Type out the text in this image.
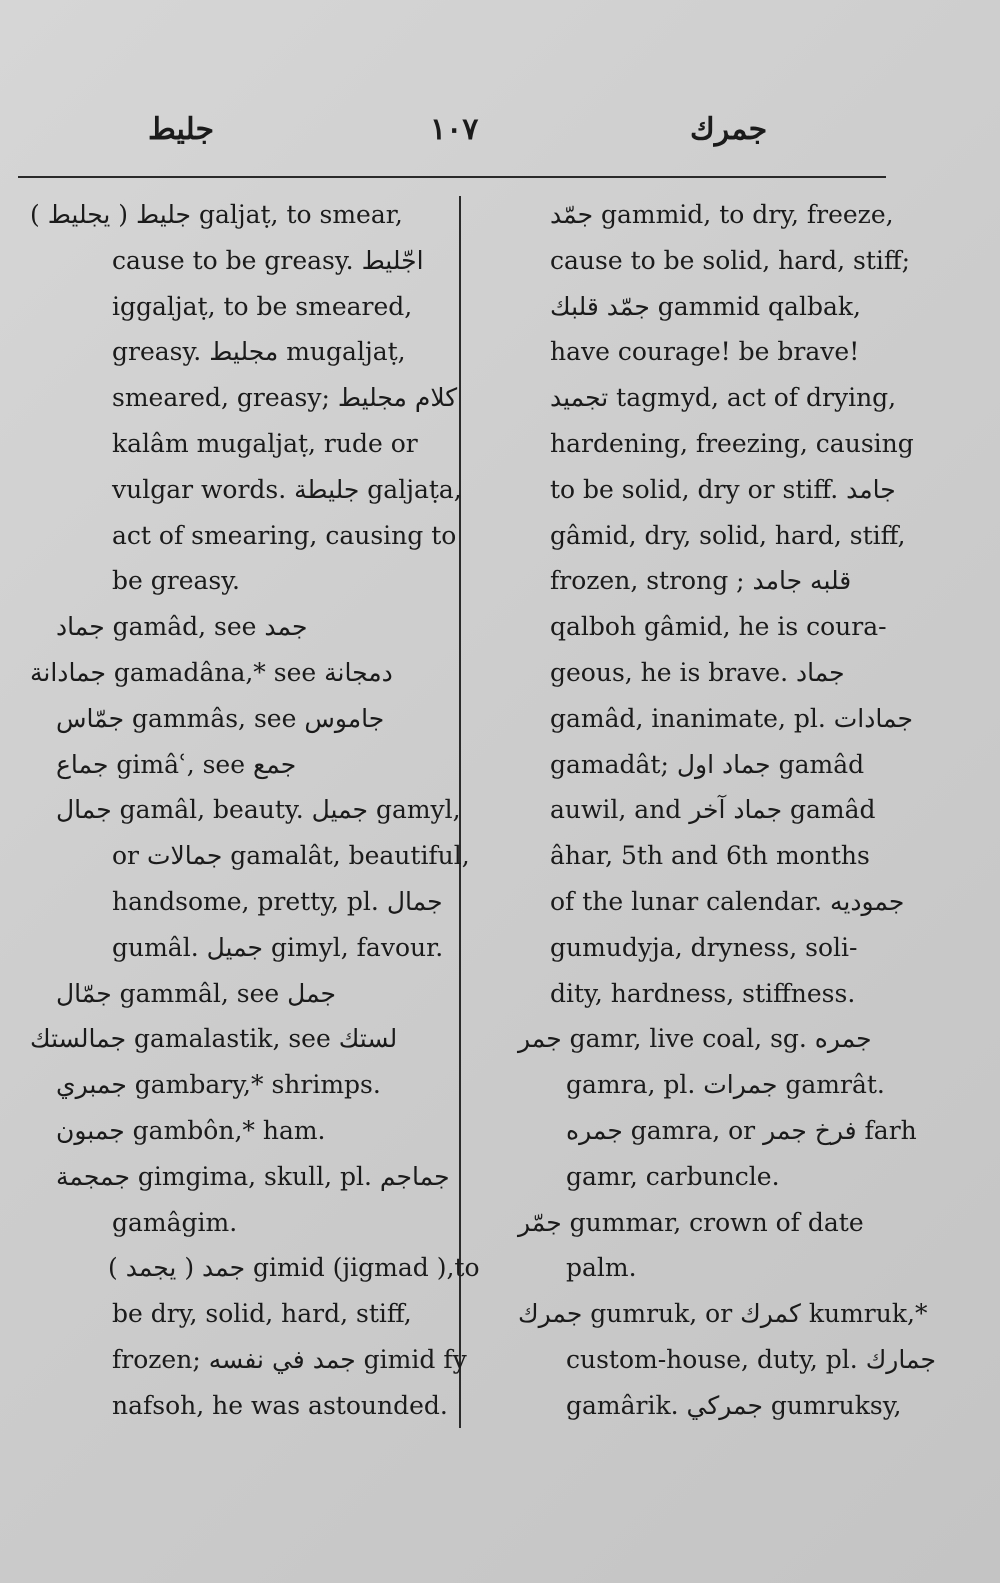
جليط	١٠٧	جمرك
جليط ( يجليط ) galjaṭ, to smear,
cause to be greasy. اجّليط
iggaljaṭ, to be smeared,
greasy. مجليط mugaljaṭ,
smeared, greasy; كلام مجليط
kalâm mugaljaṭ, rude or
vulgar words. جليطة galjaṭa,
act of smearing, causing to
be greasy.
جماد gamâd, see جمد
جمادانة gamadâna,* see دمجانة
جمّاس gammâs, see جاموس
جماع gimâʿ, see جمع
جمال gamâl, beauty. جميل gamyl,
or جمالات gamalât, beautiful,
handsome, pretty, pl. جمال
gumâl. جميل gimyl, favour.
جمّال gammâl, see جمل
جمالستك gamalastik, see لستك
جمبري gambary,* shrimps.
جمبون gambôn,* ham.
جمجمة gimgima, skull, pl. جماجم
gamâgim.
جمد ( يجمد ) gimid (jigmad ),to
be dry, solid, hard, stiff,
frozen; جمد في نفسه gimid fy
nafsoh, he was astounded.
جمّد gammid, to dry, freeze,
cause to be solid, hard, stiff;
جمّد قلبك gammid qalbak,
have courage! be brave!
تجميد tagmyd, act of drying,
hardening, freezing, causing
to be solid, dry or stiff. جامد
gâmid, dry, solid, hard, stiff,
frozen, strong ; قلبه جامد
qalboh gâmid, he is coura-
geous, he is brave. جماد
gamâd, inanimate, pl. جمادات
gamadât; جماد اول gamâd
auwil, and جماد آخر gamâd
âhar, 5th and 6th months
of the lunar calendar. جموديه
gumudyja, dryness, soli-
dity, hardness, stiffness.
جمر gamr, live coal, sg. جمره
gamra, pl. جمرات gamrât.
جمره gamra, or فرخ جمر farh
gamr, carbuncle.
جمّر gummar, crown of date
palm.
جمرك gumruk, or كمرك kumruk,*
custom-house, duty, pl. جمارك
gamârik. جمركي gumruksy,
